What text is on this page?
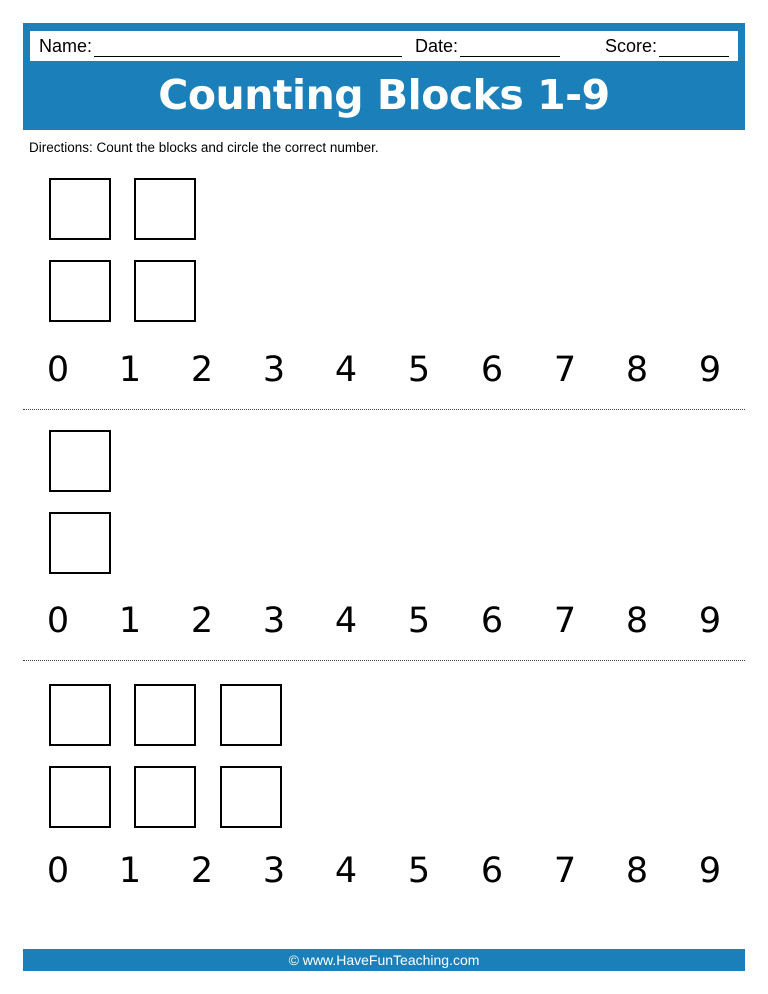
Name:	Date:	Score:
Counting Blocks 1-9
Directions: Count the blocks and circle the correct number.
0 1 2 3 4 5 6 7 8 9
0 1 2 3 4 5 6 7 8 9
0 1 2 3 4 5 6 7 8 9
© www.HaveFunTeaching.com
